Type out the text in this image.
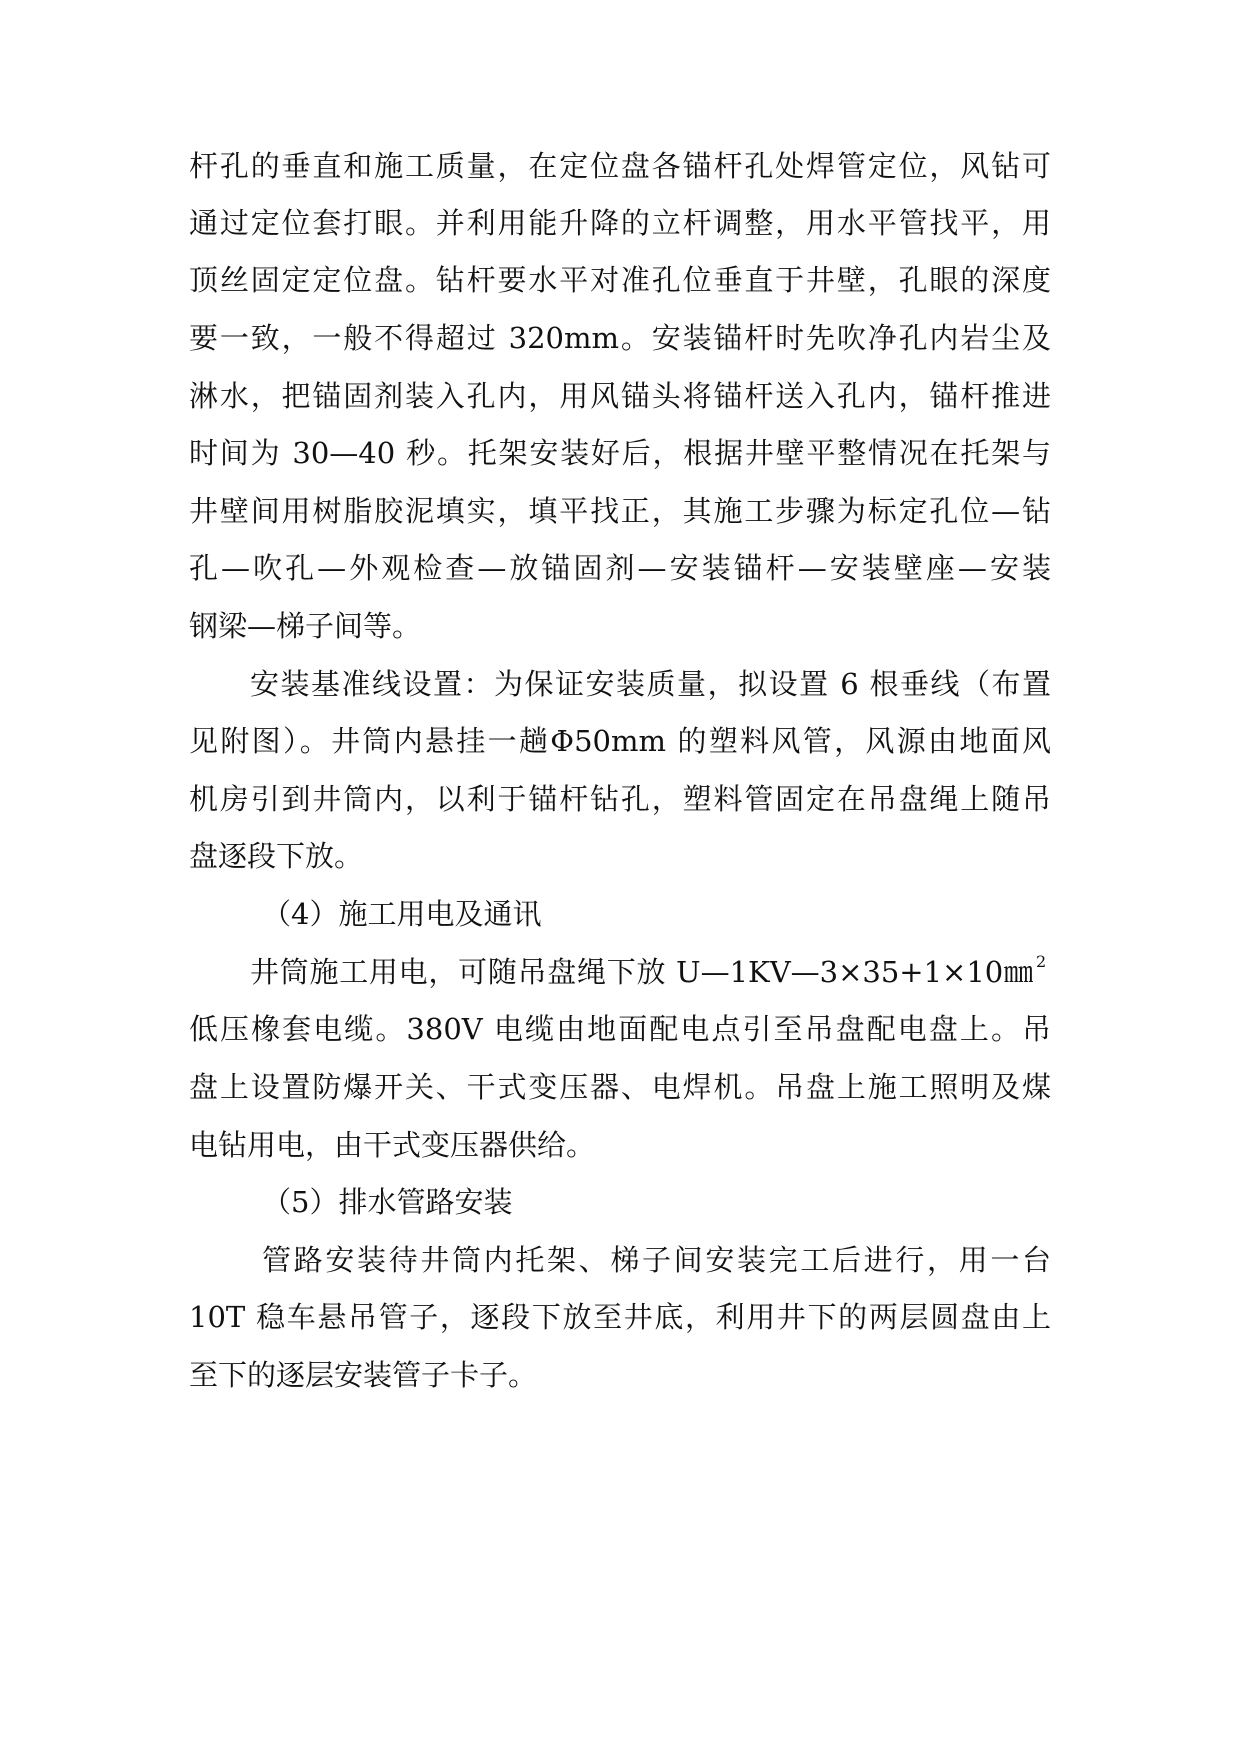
杆孔的垂直和施工质量，在定位盘各锚杆孔处焊管定位，风钻可
通过定位套打眼。并利用能升降的立杆调整，用水平管找平，用
顶丝固定定位盘。钻杆要水平对准孔位垂直于井壁，孔眼的深度
要一致，一般不得超过 320mm。安装锚杆时先吹净孔内岩尘及
淋水，把锚固剂装入孔内，用风锚头将锚杆送入孔内，锚杆推进
时间为 30—40 秒。托架安装好后，根据井壁平整情况在托架与
井壁间用树脂胶泥填实，填平找正，其施工步骤为标定孔位—钻
孔—吹孔—外观检查—放锚固剂—安装锚杆—安装壁座—安装
钢梁—梯子间等。
安装基准线设置：为保证安装质量，拟设置 6 根垂线（布置
见附图）。井筒内悬挂一趟Φ50mm 的塑料风管，风源由地面风
机房引到井筒内，以利于锚杆钻孔，塑料管固定在吊盘绳上随吊
盘逐段下放。
（4）施工用电及通讯
井筒施工用电，可随吊盘绳下放 U—1KV—3×35+1×10㎜ 2
低压橡套电缆。380V 电缆由地面配电点引至吊盘配电盘上。吊
盘上设置防爆开关、干式变压器、电焊机。吊盘上施工照明及煤
电钻用电，由干式变压器供给。
（5）排水管路安装
管路安装待井筒内托架、梯子间安装完工后进行，用一台
10T 稳车悬吊管子，逐段下放至井底，利用井下的两层圆盘由上
至下的逐层安装管子卡子。
